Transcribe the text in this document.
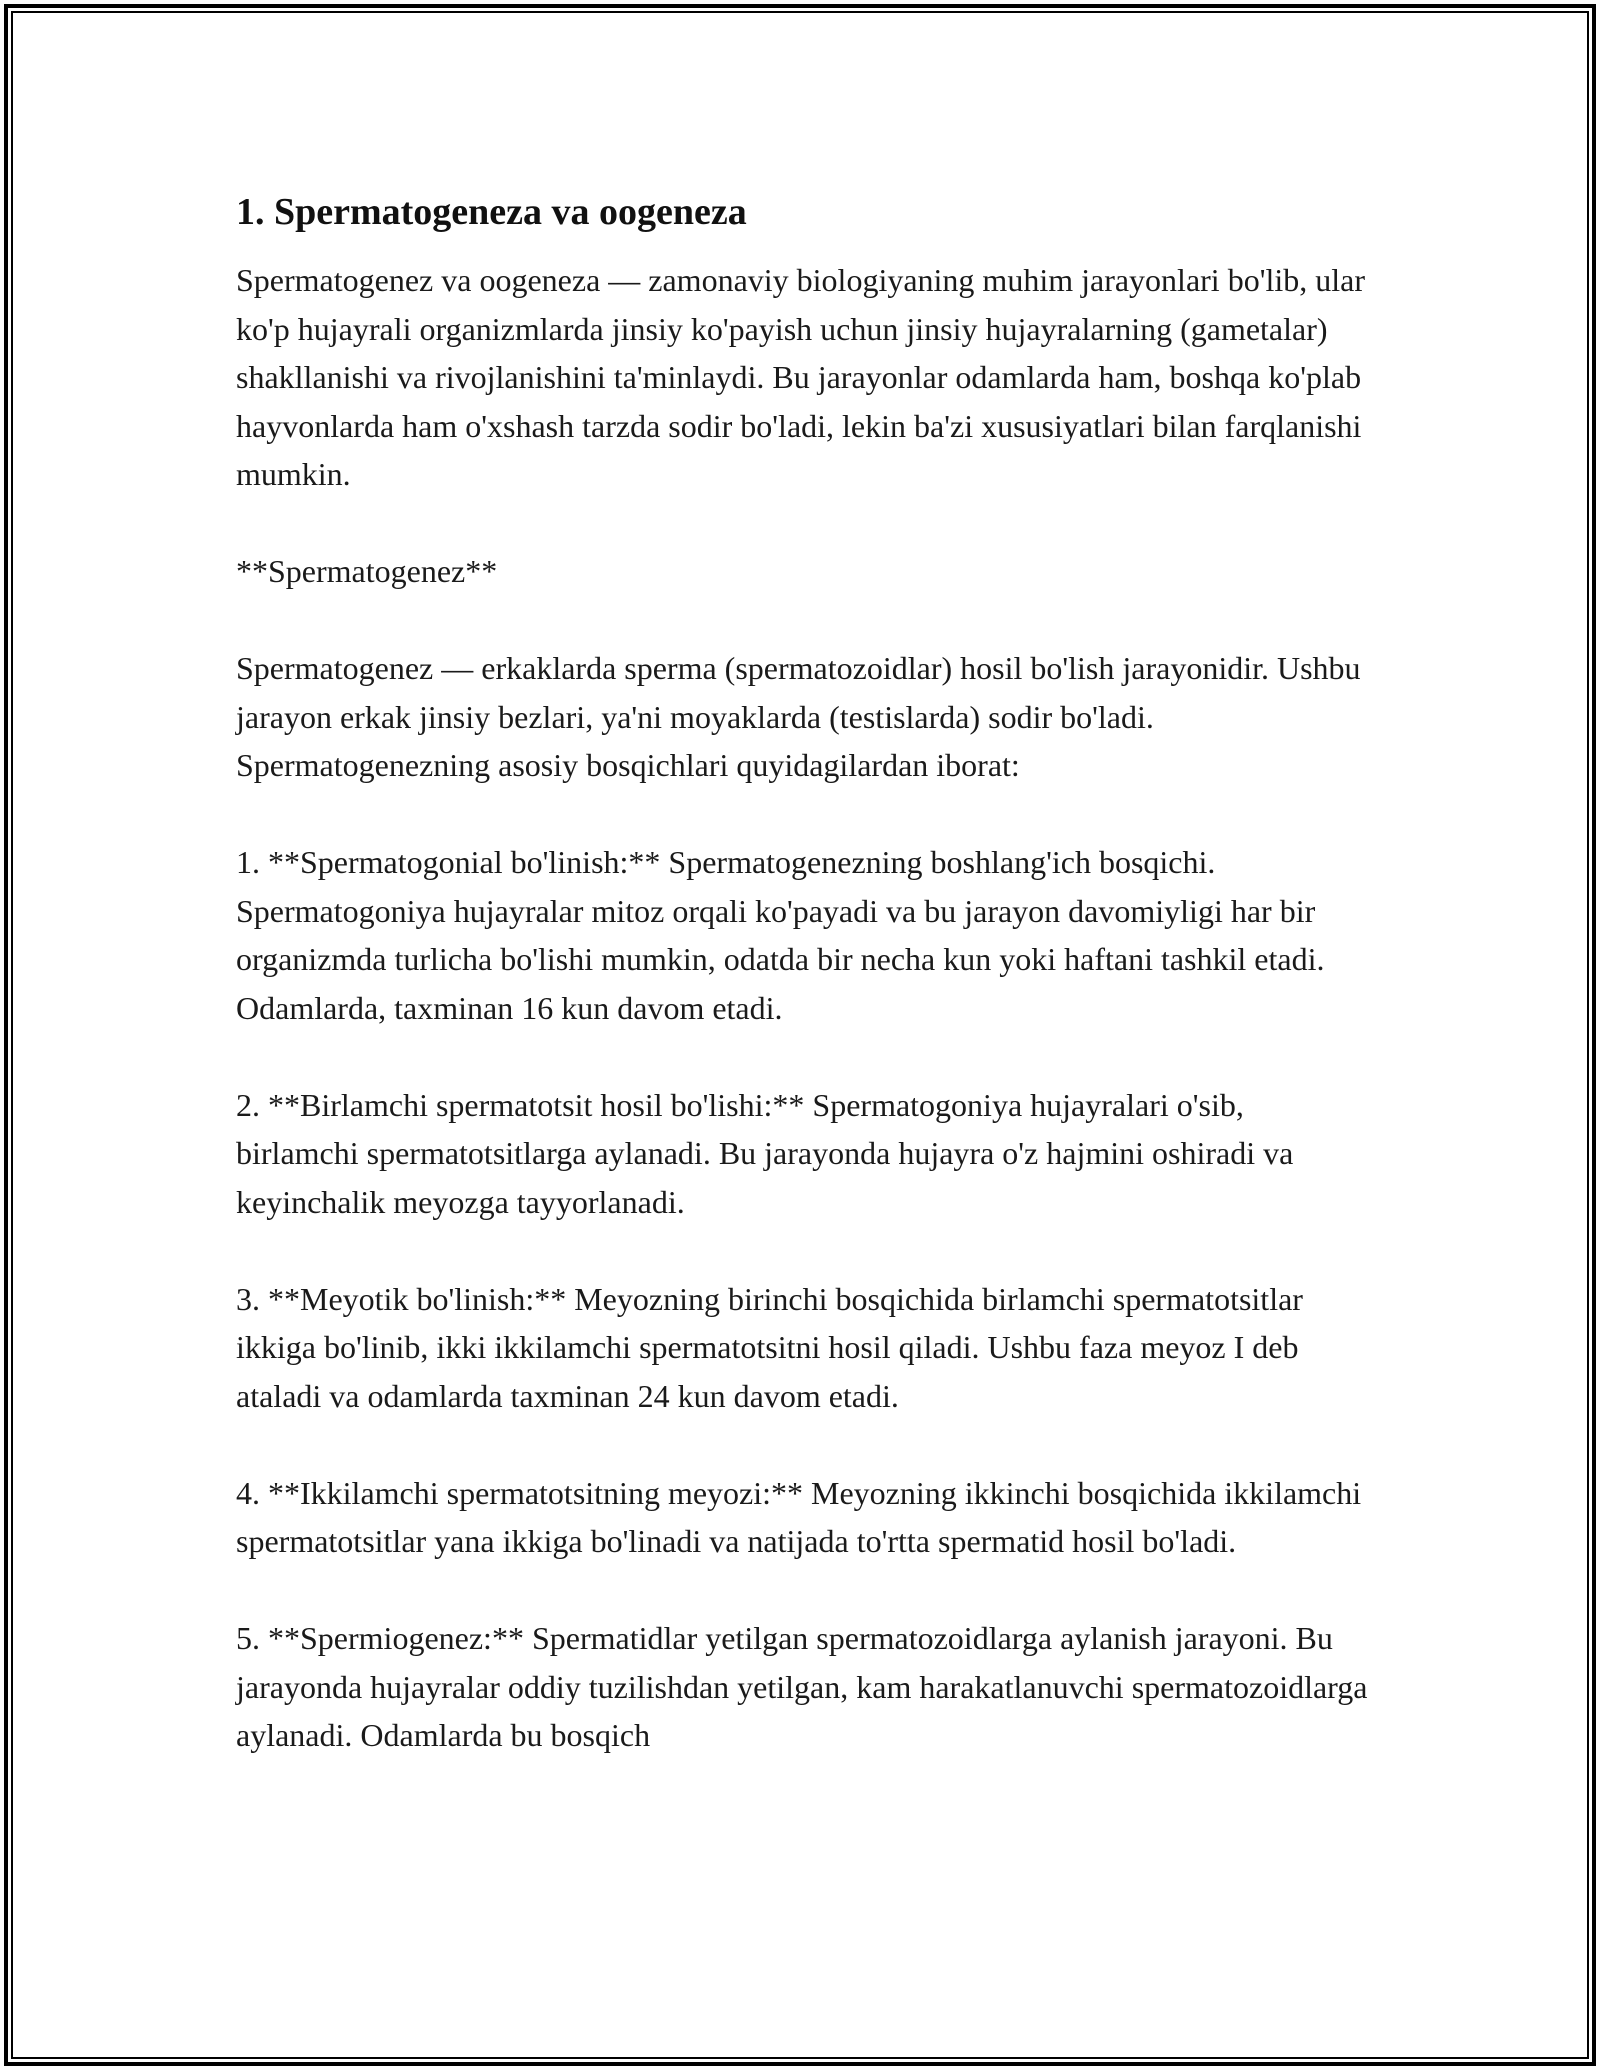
1. Spermatogeneza va oogeneza

Spermatogenez va oogeneza — zamonaviy biologiyaning muhim jarayonlari bo'lib, ular ko'p hujayrali organizmlarda jinsiy ko'payish uchun jinsiy hujayralarning (gametalar) shakllanishi va rivojlanishini ta'minlaydi. Bu jarayonlar odamlarda ham, boshqa ko'plab hayvonlarda ham o'xshash tarzda sodir bo'ladi, lekin ba'zi xususiyatlari bilan farqlanishi mumkin.

**Spermatogenez**

Spermatogenez — erkaklarda sperma (spermatozoidlar) hosil bo'lish jarayonidir. Ushbu jarayon erkak jinsiy bezlari, ya'ni moyaklarda (testislarda) sodir bo'ladi. Spermatogenezning asosiy bosqichlari quyidagilardan iborat:

1. **Spermatogonial bo'linish:** Spermatogenezning boshlang'ich bosqichi. Spermatogoniya hujayralar mitoz orqali ko'payadi va bu jarayon davomiyligi har bir organizmda turlicha bo'lishi mumkin, odatda bir necha kun yoki haftani tashkil etadi. Odamlarda, taxminan 16 kun davom etadi.

2. **Birlamchi spermatotsit hosil bo'lishi:** Spermatogoniya hujayralari o'sib, birlamchi spermatotsitlarga aylanadi. Bu jarayonda hujayra o'z hajmini oshiradi va keyinchalik meyozga tayyorlanadi.

3. **Meyotik bo'linish:** Meyozning birinchi bosqichida birlamchi spermatotsitlar ikkiga bo'linib, ikki ikkilamchi spermatotsitni hosil qiladi. Ushbu faza meyoz I deb ataladi va odamlarda taxminan 24 kun davom etadi.

4. **Ikkilamchi spermatotsitning meyozi:** Meyozning ikkinchi bosqichida ikkilamchi spermatotsitlar yana ikkiga bo'linadi va natijada to'rtta spermatid hosil bo'ladi.

5. **Spermiogenez:** Spermatidlar yetilgan spermatozoidlarga aylanish jarayoni. Bu jarayonda hujayralar oddiy tuzilishdan yetilgan, kam harakatlanuvchi spermatozoidlarga aylanadi. Odamlarda bu bosqich
